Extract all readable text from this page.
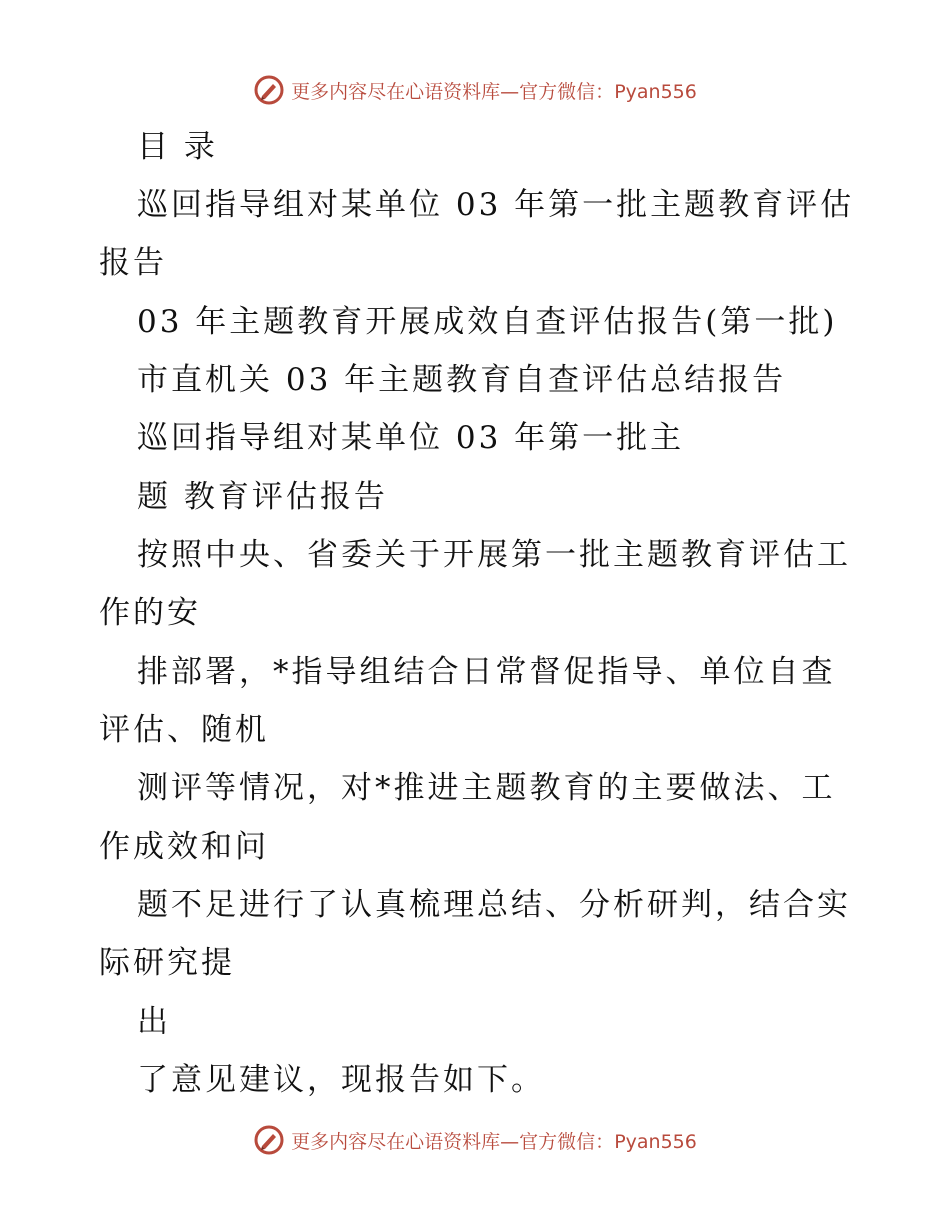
更多内容尽在心语资料库—官方微信：Pyan556
目 录
巡回指导组对某单位 03 年第一批主题教育评估
报告
03 年主题教育开展成效自查评估报告(第一批)
市直机关 03 年主题教育自查评估总结报告
巡回指导组对某单位 03 年第一批主
题 教育评估报告
按照中央、省委关于开展第一批主题教育评估工
作的安
排部署，*指导组结合日常督促指导、单位自查
评估、随机
测评等情况，对*推进主题教育的主要做法、工
作成效和问
题不足进行了认真梳理总结、分析研判，结合实
际研究提
出
了意见建议，现报告如下。
更多内容尽在心语资料库—官方微信：Pyan556
